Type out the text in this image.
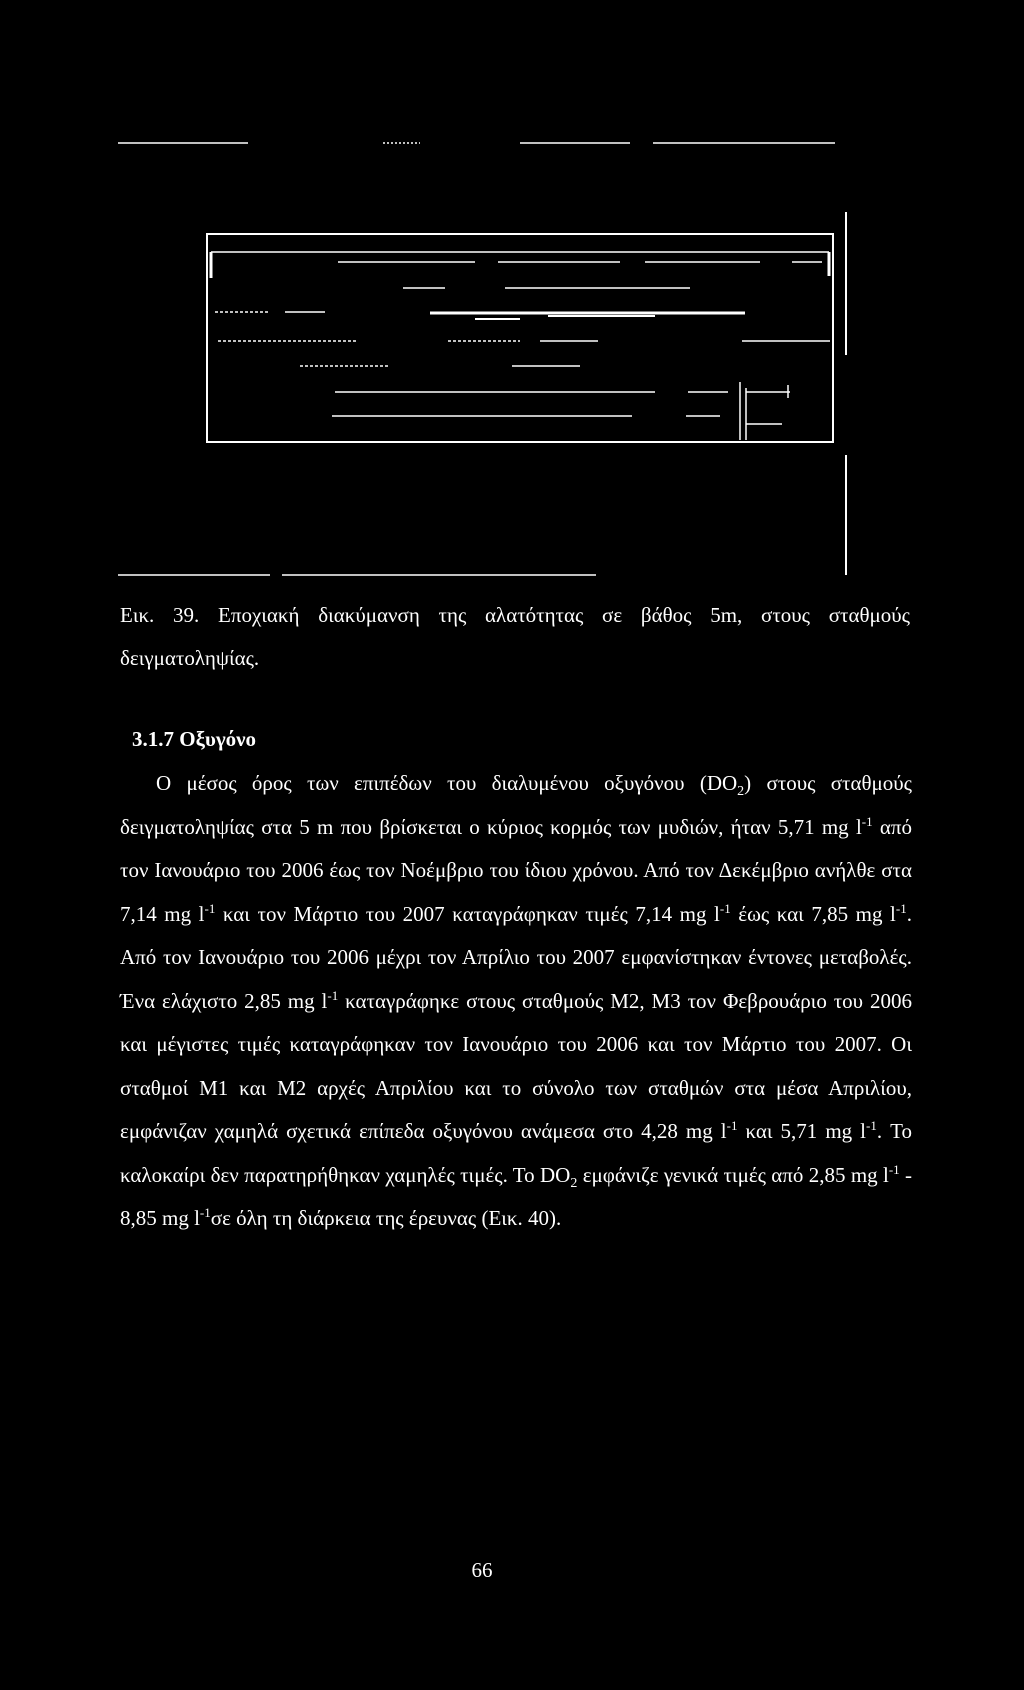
Εικ. 39. Εποχιακή διακύμανση της αλατότητας σε βάθος 5m, στους σταθμούς δειγματοληψίας.

3.1.7 Οξυγόνο

Ο μέσος όρος των επιπέδων του διαλυμένου οξυγόνου $(DO_2)$ στους σταθμούς δειγματοληψίας στα 5 m που βρίσκεται ο κύριος κορμός των μυδιών, ήταν 5,71 mg $l^{-1}$ από τον Ιανουάριο του 2006 έως τον Νοέμβριο του ίδιου χρόνου. Από τον Δεκέμβριο ανήλθε στα 7,14 mg $l^{-1}$ και τον Μάρτιο του 2007 καταγράφηκαν τιμές 7,14 mg $l^{-1}$ έως και 7,85 mg $l^{-1}$. Από τον Ιανουάριο του 2006 μέχρι τον Απρίλιο του 2007 εμφανίστηκαν έντονες μεταβολές. Ένα ελάχιστο 2,85 mg $l^{-1}$ καταγράφηκε στους σταθμούς M2, M3 τον Φεβρουάριο του 2006 και μέγιστες τιμές καταγράφηκαν τον Ιανουάριο του 2006 και τον Μάρτιο του 2007. Οι σταθμοί M1 και M2 αρχές Απριλίου και το σύνολο των σταθμών στα μέσα Απριλίου, εμφάνιζαν χαμηλά σχετικά επίπεδα οξυγόνου ανάμεσα στο 4,28 mg $l^{-1}$ και 5,71 mg $l^{-1}$. Το καλοκαίρι δεν παρατηρήθηκαν χαμηλές τιμές. Το $DO_2$ εμφάνιζε γενικά τιμές από 2,85 mg $l^{-1} - 8,85$ mg $l^{-1}\sigma\varepsilon$ όλη τη διάρκεια της έρευνας (Εικ. 40).

66
